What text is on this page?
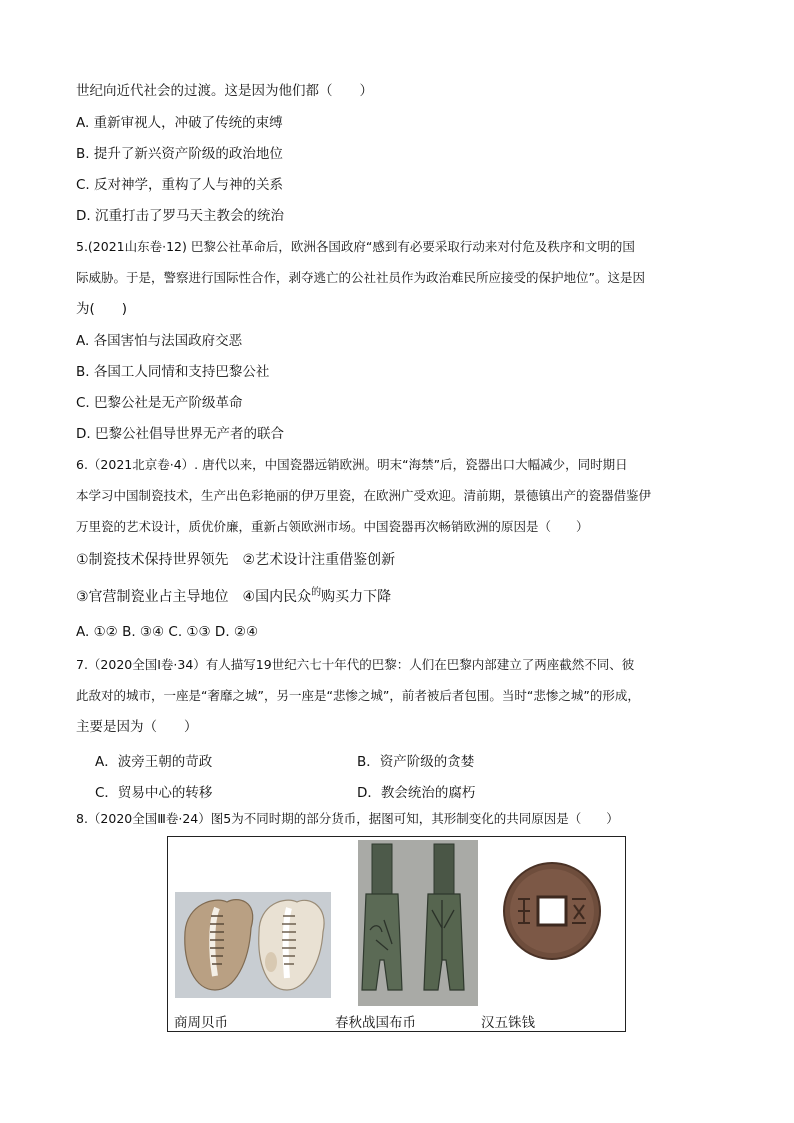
世纪向近代社会的过渡。这是因为他们都（　　）
A. 重新审视人，冲破了传统的束缚
B. 提升了新兴资产阶级的政治地位
C. 反对神学，重构了人与神的关系
D. 沉重打击了罗马天主教会的统治
5.(2021山东卷·12) 巴黎公社革命后，欧洲各国政府“感到有必要采取行动来对付危及秩序和文明的国
际威胁。于是，警察进行国际性合作，剥夺逃亡的公社社员作为政治难民所应接受的保护地位”。这是因
为(　　)
A. 各国害怕与法国政府交恶
B. 各国工人同情和支持巴黎公社
C. 巴黎公社是无产阶级革命
D. 巴黎公社倡导世界无产者的联合
6.（2021北京卷·4）. 唐代以来，中国瓷器远销欧洲。明末“海禁”后，瓷器出口大幅减少，同时期日
本学习中国制瓷技术，生产出色彩艳丽的伊万里瓷，在欧洲广受欢迎。清前期，景德镇出产的瓷器借鉴伊
万里瓷的艺术设计，质优价廉，重新占领欧洲市场。中国瓷器再次畅销欧洲的原因是（　　）
①制瓷技术保持世界领先　②艺术设计注重借鉴创新
③官营制瓷业占主导地位　④国内民众$^的$购买力下降
A. ①② B. ③④ C. ①③ D. ②④
7.（2020全国Ⅰ卷·34）有人描写19世纪六七十年代的巴黎：人们在巴黎内部建立了两座截然不同、彼
此敌对的城市，一座是“奢靡之城”，另一座是“悲惨之城”，前者被后者包围。当时“悲惨之城”的形成，
主要是因为（　　）
A．波旁王朝的苛政	B．资产阶级的贪婪
C．贸易中心的转移	D．教会统治的腐朽
8.（2020全国Ⅲ卷·24）图5为不同时期的部分货币，据图可知，其形制变化的共同原因是（　　）
商周贝币	春秋战国布币	汉五铢钱
